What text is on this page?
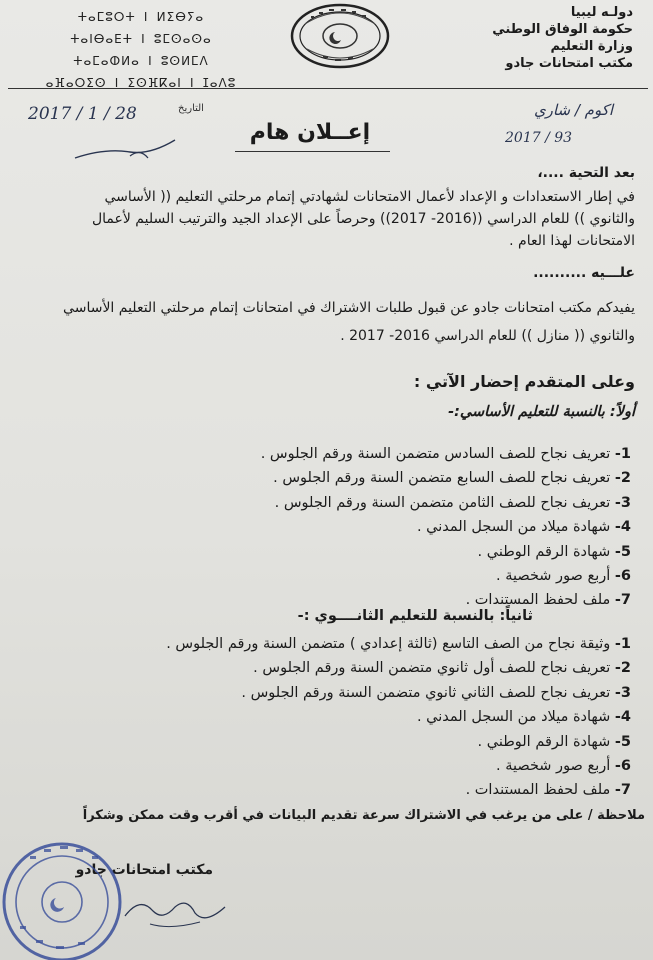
دولـه ليبيا
حكومة الوفاق الوطني
وزارة التعليم
مكتب امتحانات جادو
ⵜⴰⵎⵓⵔⵜ ⵏ ⵍⵉⴱⵢⴰ
ⵜⴰⵏⴱⴰⴹⵜ ⵏ ⵓⵎⵙⴰⵙⴰ
ⵜⴰⵎⴰⵀⵍⴰ ⵏ ⵓⵙⵍⵎⴷ
ⴰⴼⴰⵔⵉⵙ ⵏ ⵉⵙⴼⴽⴰⵏ ⵏ ⵊⴰⴷⵓ
التاريخ
2017 / 1 / 28	اكوم / شاري
2017 / 93
إعــلان هام
بعد التحية ....،
في إطار الاستعدادات و الإعداد لأعمال الامتحانات لشهادتي إتمام مرحلتي التعليم (( الأساسي
والثانوي )) للعام الدراسي ((2016- 2017)) وحرصاً على الإعداد الجيد والترتيب السليم لأعمال
الامتحانات لهذا العام .
علـــيه ..........
يفيدكم مكتب امتحانات جادو عن قبول طلبات الاشتراك في امتحانات إتمام مرحلتي التعليم الأساسي
والثانوي (( منازل )) للعام الدراسي 2016- 2017 .
وعلى المتقدم إحضار الآتي :
أولاً: بالنسبة للتعليم الأساسي:-
1- تعريف نجاح للصف السادس متضمن السنة ورقم الجلوس .
2- تعريف نجاح للصف السابع متضمن السنة ورقم الجلوس .
3- تعريف نجاح للصف الثامن متضمن السنة ورقم الجلوس .
4- شهادة ميلاد من السجل المدني .
5- شهادة الرقم الوطني .
6- أربع صور شخصية .
7- ملف لحفظ المستندات .
ثانياً: بالنسبة للتعليم الثانــــوي :-
1- وثيقة نجاح من الصف التاسع (ثالثة إعدادي ) متضمن السنة ورقم الجلوس .
2- تعريف نجاح للصف أول ثانوي متضمن السنة ورقم الجلوس .
3- تعريف نجاح للصف الثاني ثانوي متضمن السنة ورقم الجلوس .
4- شهادة ميلاد من السجل المدني .
5- شهادة الرقم الوطني .
6- أربع صور شخصية .
7- ملف لحفظ المستندات .
ملاحظة / على من يرغب في الاشتراك سرعة تقديم البيانات في أقرب وقت ممكن وشكراً
مكتب امتحانات جادو
